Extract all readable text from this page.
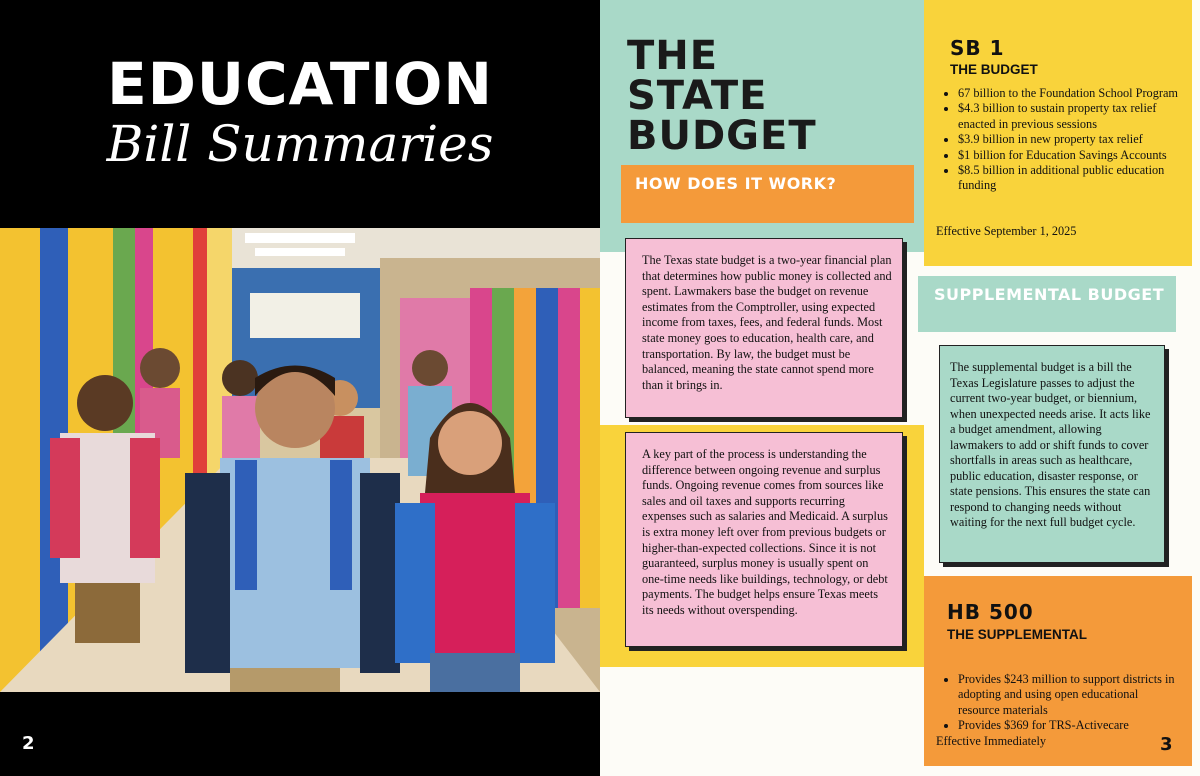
EDUCATION
Bill Summaries
2
THE
STATE
BUDGET
HOW DOES IT WORK?
The Texas state budget is a two-year financial plan that determines how public money is collected and spent. Lawmakers base the budget on revenue estimates from the Comptroller, using expected income from taxes, fees, and federal funds. Most state money goes to education, health care, and transportation. By law, the budget must be balanced, meaning the state cannot spend more than it brings in.
A key part of the process is understanding the difference between ongoing revenue and surplus funds. Ongoing revenue comes from sources like sales and oil taxes and supports recurring expenses such as salaries and Medicaid. A surplus is extra money left over from previous budgets or higher-than-expected collections. Since it is not guaranteed, surplus money is usually spent on one-time needs like buildings, technology, or debt payments. The budget helps ensure Texas meets its needs without overspending.
SB 1
THE BUDGET
• 67 billion to the Foundation School Program
• $4.3 billion to sustain property tax relief enacted in previous sessions
• $3.9 billion in new property tax relief
• $1 billion for Education Savings Accounts
• $8.5 billion in additional public education funding
Effective September 1, 2025
SUPPLEMENTAL BUDGET
The supplemental budget is a bill the Texas Legislature passes to adjust the current two-year budget, or biennium, when unexpected needs arise. It acts like a budget amendment, allowing lawmakers to add or shift funds to cover shortfalls in areas such as healthcare, public education, disaster response, or state pensions. This ensures the state can respond to changing needs without waiting for the next full budget cycle.
HB 500
THE SUPPLEMENTAL
• Provides $243 million to support districts in adopting and using open educational resource materials
• Provides $369 for TRS-Activecare
Effective Immediately	3
